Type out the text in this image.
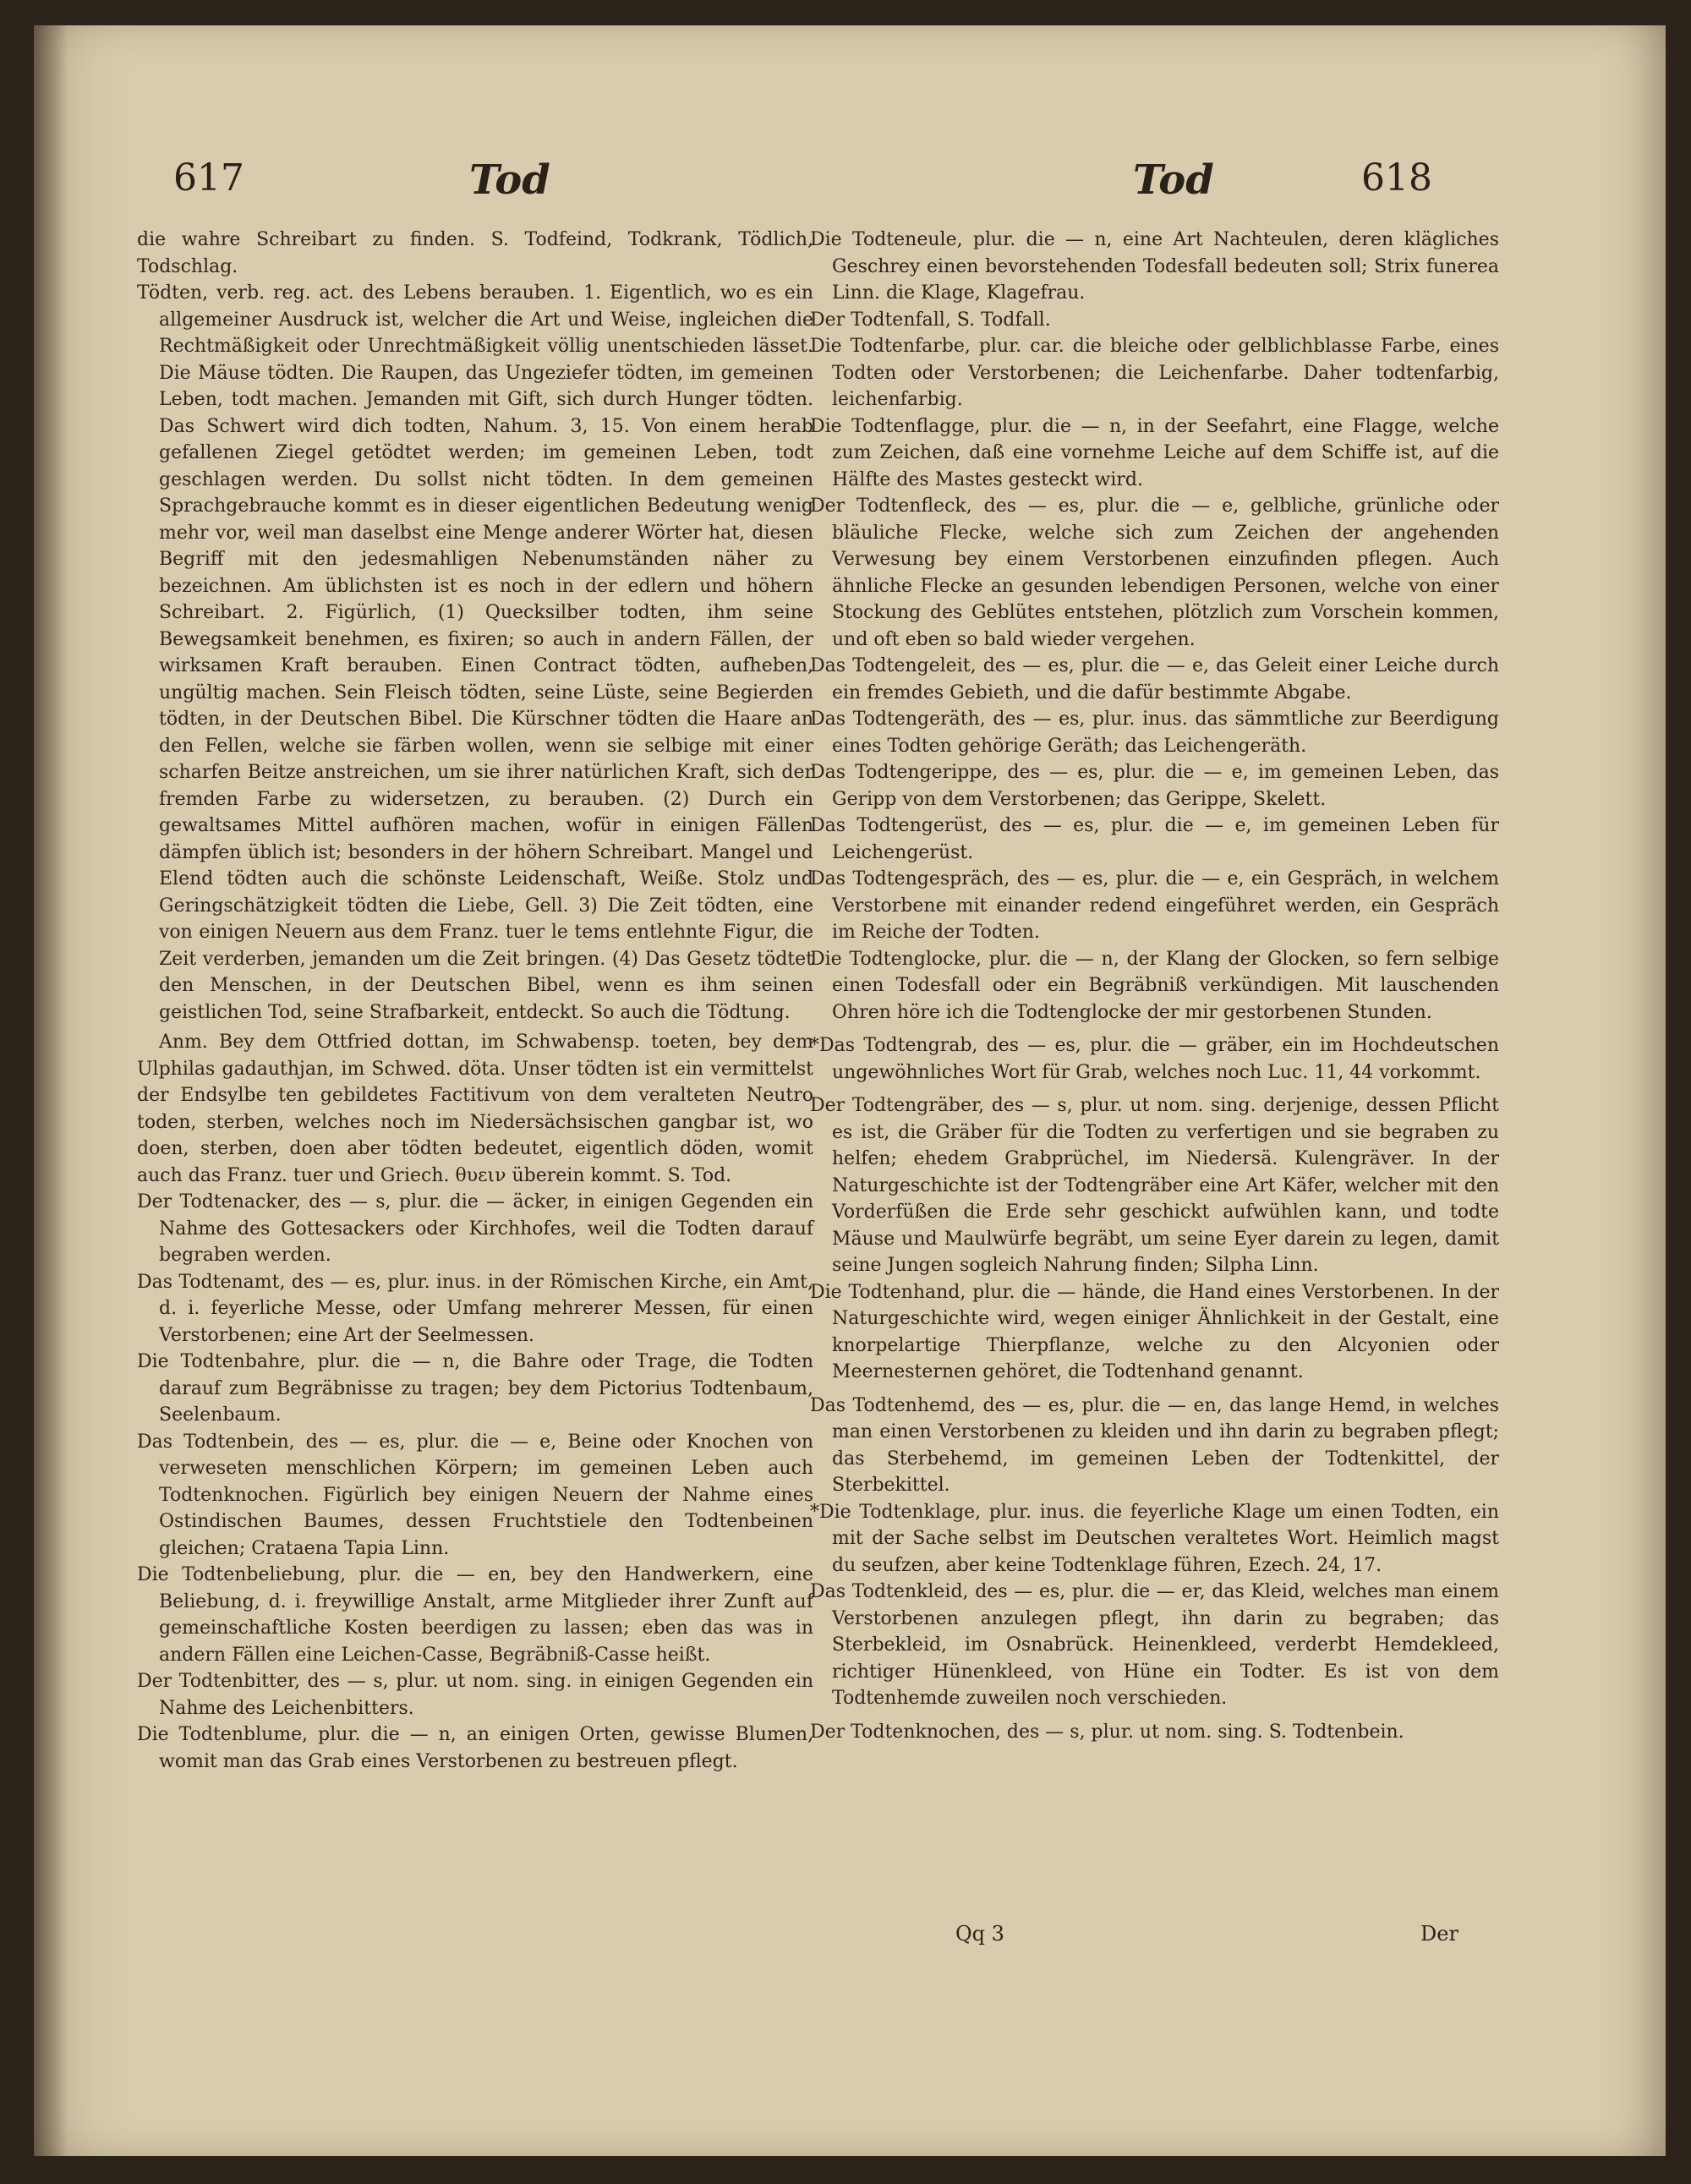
617	Tod	Tod	618

die wahre Schreibart zu finden. S. Todfeind, Todkrank, Tödlich, Todschlag.

Tödten, verb. reg. act. des Lebens berauben. 1. Eigentlich, wo es ein allgemeiner Ausdruck ist, welcher die Art und Weise, ingleichen die Rechtmäßigkeit oder Unrechtmäßigkeit völlig unentschieden lässet. Die Mäuse tödten. Die Raupen, das Ungeziefer tödten, im gemeinen Leben, todt machen. Jemanden mit Gift, sich durch Hunger tödten. Das Schwert wird dich todten, Nahum. 3, 15. Von einem herab gefallenen Ziegel getödtet werden; im gemeinen Leben, todt geschlagen werden. Du sollst nicht tödten. In dem gemeinen Sprachgebrauche kommt es in dieser eigentlichen Bedeutung wenig mehr vor, weil man daselbst eine Menge anderer Wörter hat, diesen Begriff mit den jedesmahligen Nebenumständen näher zu bezeichnen. Am üblichsten ist es noch in der edlern und höhern Schreibart. 2. Figürlich, (1) Quecksilber todten, ihm seine Bewegsamkeit benehmen, es fixiren; so auch in andern Fällen, der wirksamen Kraft berauben. Einen Contract tödten, aufheben, ungültig machen. Sein Fleisch tödten, seine Lüste, seine Begierden tödten, in der Deutschen Bibel. Die Kürschner tödten die Haare an den Fellen, welche sie färben wollen, wenn sie selbige mit einer scharfen Beitze anstreichen, um sie ihrer natürlichen Kraft, sich der fremden Farbe zu widersetzen, zu berauben. (2) Durch ein gewaltsames Mittel aufhören machen, wofür in einigen Fällen dämpfen üblich ist; besonders in der höhern Schreibart. Mangel und Elend tödten auch die schönste Leidenschaft, Weiße. Stolz und Geringschätzigkeit tödten die Liebe, Gell. 3) Die Zeit tödten, eine von einigen Neuern aus dem Franz. tuer le tems entlehnte Figur, die Zeit verderben, jemanden um die Zeit bringen. (4) Das Gesetz tödtet den Menschen, in der Deutschen Bibel, wenn es ihm seinen geistlichen Tod, seine Strafbarkeit, entdeckt. So auch die Tödtung.

Anm. Bey dem Ottfried dottan, im Schwabensp. toeten, bey dem Ulphilas gadauthjan, im Schwed. döta. Unser tödten ist ein vermittelst der Endsylbe ten gebildetes Factitivum von dem veralteten Neutro toden, sterben, welches noch im Niedersächsischen gangbar ist, wo doen, sterben, doen aber tödten bedeutet, eigentlich döden, womit auch das Franz. tuer und Griech. θυειν überein kommt. S. Tod.

Der Todtenacker, des — s, plur. die — äcker, in einigen Gegenden ein Nahme des Gottesackers oder Kirchhofes, weil die Todten darauf begraben werden.

Das Todtenamt, des — es, plur. inus. in der Römischen Kirche, ein Amt, d. i. feyerliche Messe, oder Umfang mehrerer Messen, für einen Verstorbenen; eine Art der Seelmessen.

Die Todtenbahre, plur. die — n, die Bahre oder Trage, die Todten darauf zum Begräbnisse zu tragen; bey dem Pictorius Todtenbaum, Seelenbaum.

Das Todtenbein, des — es, plur. die — e, Beine oder Knochen von verweseten menschlichen Körpern; im gemeinen Leben auch Todtenknochen. Figürlich bey einigen Neuern der Nahme eines Ostindischen Baumes, dessen Fruchtstiele den Todtenbeinen gleichen; Crataena Tapia Linn.

Die Todtenbeliebung, plur. die — en, bey den Handwerkern, eine Beliebung, d. i. freywillige Anstalt, arme Mitglieder ihrer Zunft auf gemeinschaftliche Kosten beerdigen zu lassen; eben das was in andern Fällen eine Leichen-Casse, Begräbniß-Casse heißt.

Der Todtenbitter, des — s, plur. ut nom. sing. in einigen Gegenden ein Nahme des Leichenbitters.

Die Todtenblume, plur. die — n, an einigen Orten, gewisse Blumen, womit man das Grab eines Verstorbenen zu bestreuen pflegt.

Die Todteneule, plur. die — n, eine Art Nachteulen, deren klägliches Geschrey einen bevorstehenden Todesfall bedeuten soll; Strix funerea Linn. die Klage, Klagefrau.

Der Todtenfall, S. Todfall.

Die Todtenfarbe, plur. car. die bleiche oder gelblichblasse Farbe, eines Todten oder Verstorbenen; die Leichenfarbe. Daher todtenfarbig, leichenfarbig.

Die Todtenflagge, plur. die — n, in der Seefahrt, eine Flagge, welche zum Zeichen, daß eine vornehme Leiche auf dem Schiffe ist, auf die Hälfte des Mastes gesteckt wird.

Der Todtenfleck, des — es, plur. die — e, gelbliche, grünliche oder bläuliche Flecke, welche sich zum Zeichen der angehenden Verwesung bey einem Verstorbenen einzufinden pflegen. Auch ähnliche Flecke an gesunden lebendigen Personen, welche von einer Stockung des Geblütes entstehen, plötzlich zum Vorschein kommen, und oft eben so bald wieder vergehen.

Das Todtengeleit, des — es, plur. die — e, das Geleit einer Leiche durch ein fremdes Gebieth, und die dafür bestimmte Abgabe.

Das Todtengeräth, des — es, plur. inus. das sämmtliche zur Beerdigung eines Todten gehörige Geräth; das Leichengeräth.

Das Todtengerippe, des — es, plur. die — e, im gemeinen Leben, das Geripp von dem Verstorbenen; das Gerippe, Skelett.

Das Todtengerüst, des — es, plur. die — e, im gemeinen Leben für Leichengerüst.

Das Todtengespräch, des — es, plur. die — e, ein Gespräch, in welchem Verstorbene mit einander redend eingeführet werden, ein Gespräch im Reiche der Todten.

Die Todtenglocke, plur. die — n, der Klang der Glocken, so fern selbige einen Todesfall oder ein Begräbniß verkündigen. Mit lauschenden Ohren höre ich die Todtenglocke der mir gestorbenen Stunden.

*Das Todtengrab, des — es, plur. die — gräber, ein im Hochdeutschen ungewöhnliches Wort für Grab, welches noch Luc. 11, 44 vorkommt.

Der Todtengräber, des — s, plur. ut nom. sing. derjenige, dessen Pflicht es ist, die Gräber für die Todten zu verfertigen und sie begraben zu helfen; ehedem Grabprüchel, im Niedersä. Kulengräver. In der Naturgeschichte ist der Todtengräber eine Art Käfer, welcher mit den Vorderfüßen die Erde sehr geschickt aufwühlen kann, und todte Mäuse und Maulwürfe begräbt, um seine Eyer darein zu legen, damit seine Jungen sogleich Nahrung finden; Silpha Linn.

Die Todtenhand, plur. die — hände, die Hand eines Verstorbenen. In der Naturgeschichte wird, wegen einiger Ähnlichkeit in der Gestalt, eine knorpelartige Thierpflanze, welche zu den Alcyonien oder Meernesternen gehöret, die Todtenhand genannt.

Das Todtenhemd, des — es, plur. die — en, das lange Hemd, in welches man einen Verstorbenen zu kleiden und ihn darin zu begraben pflegt; das Sterbehemd, im gemeinen Leben der Todtenkittel, der Sterbekittel.

*Die Todtenklage, plur. inus. die feyerliche Klage um einen Todten, ein mit der Sache selbst im Deutschen veraltetes Wort. Heimlich magst du seufzen, aber keine Todtenklage führen, Ezech. 24, 17.

Das Todtenkleid, des — es, plur. die — er, das Kleid, welches man einem Verstorbenen anzulegen pflegt, ihn darin zu begraben; das Sterbekleid, im Osnabrück. Heinenkleed, verderbt Hemdekleed, richtiger Hünenkleed, von Hüne ein Todter. Es ist von dem Todtenhemde zuweilen noch verschieden.

Der Todtenknochen, des — s, plur. ut nom. sing. S. Todtenbein.

Qq 3	Der
